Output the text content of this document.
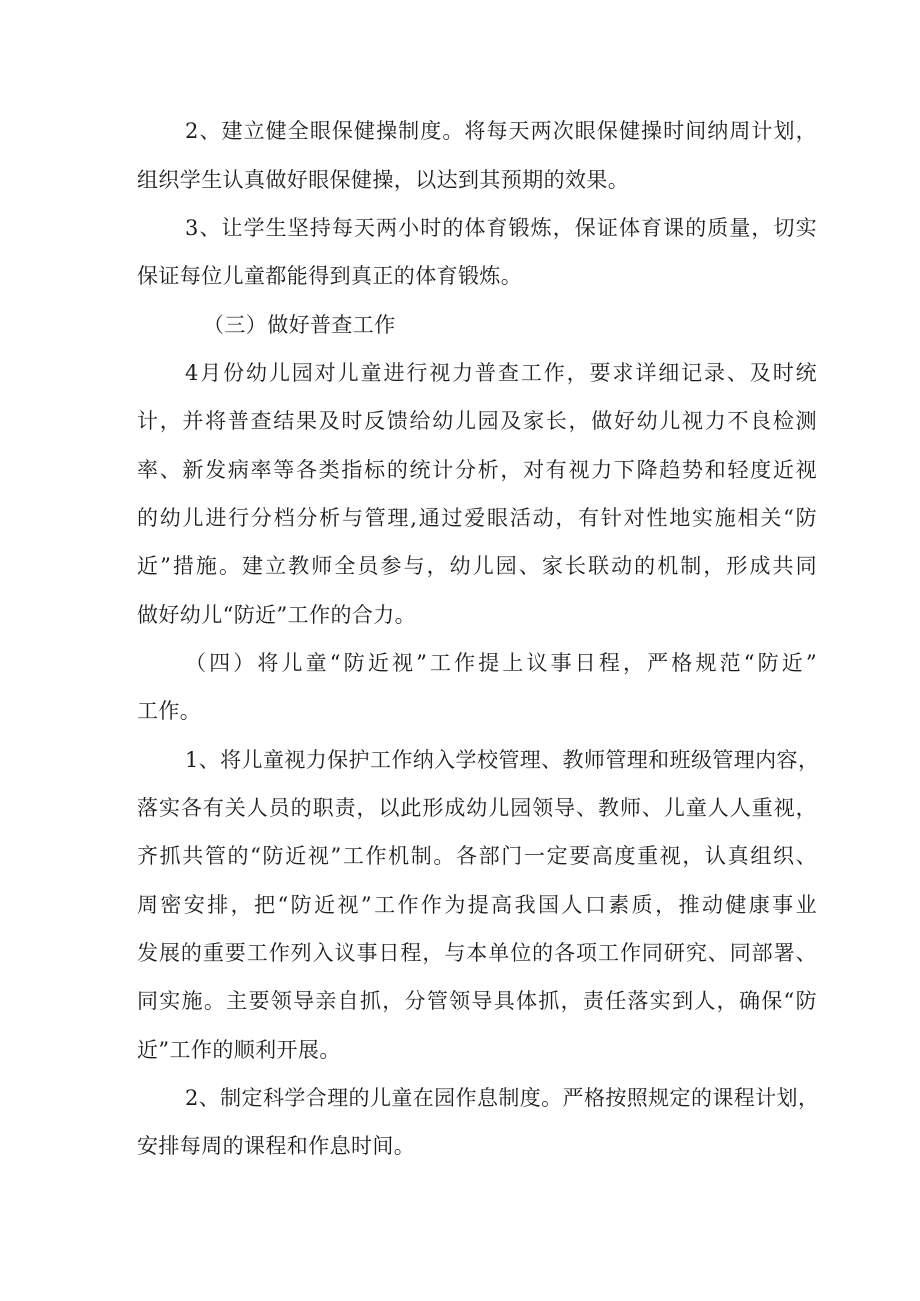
2、建立健全眼保健操制度。将每天两次眼保健操时间纳周计划，
组织学生认真做好眼保健操，以达到其预期的效果。
3、让学生坚持每天两小时的体育锻炼，保证体育课的质量，切实
保证每位儿童都能得到真正的体育锻炼。
（三）做好普查工作
4月份幼儿园对儿童进行视力普查工作，要求详细记录、及时统
计，并将普查结果及时反馈给幼儿园及家长，做好幼儿视力不良检测
率、新发病率等各类指标的统计分析，对有视力下降趋势和轻度近视
的幼儿进行分档分析与管理,通过爱眼活动，有针对性地实施相关“防
近”措施。建立教师全员参与，幼儿园、家长联动的机制，形成共同
做好幼儿“防近”工作的合力。
（四）将儿童“防近视”工作提上议事日程，严格规范“防近”
工作。
1、将儿童视力保护工作纳入学校管理、教师管理和班级管理内容，
落实各有关人员的职责，以此形成幼儿园领导、教师、儿童人人重视，
齐抓共管的“防近视”工作机制。各部门一定要高度重视，认真组织、
周密安排，把“防近视”工作作为提高我国人口素质，推动健康事业
发展的重要工作列入议事日程，与本单位的各项工作同研究、同部署、
同实施。主要领导亲自抓，分管领导具体抓，责任落实到人，确保“防
近”工作的顺利开展。
2、制定科学合理的儿童在园作息制度。严格按照规定的课程计划，
安排每周的课程和作息时间。
